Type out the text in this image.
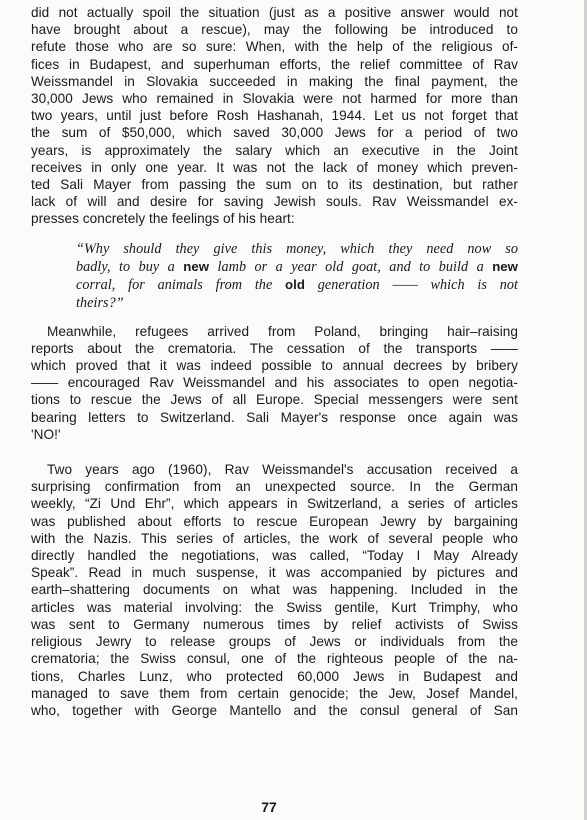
did not actually spoil the situation (just as a positive answer would not
have brought about a rescue), may the following be introduced to
refute those who are so sure: When, with the help of the religious of-
fices in Budapest, and superhuman efforts, the relief committee of Rav
Weissmandel in Slovakia succeeded in making the final payment, the
30,000 Jews who remained in Slovakia were not harmed for more than
two years, until just before Rosh Hashanah, 1944. Let us not forget that
the sum of $50,000, which saved 30,000 Jews for a period of two
years, is approximately the salary which an executive in the Joint
receives in only one year. It was not the lack of money which preven-
ted Sali Mayer from passing the sum on to its destination, but rather
lack of will and desire for saving Jewish souls. Rav Weissmandel ex-
presses concretely the feelings of his heart:
“Why should they give this money, which they need now so
badly, to buy a new lamb or a year old goat, and to build a new
corral, for animals from the old generation —— which is not
theirs?”
Meanwhile, refugees arrived from Poland, bringing hair–raising
reports about the crematoria. The cessation of the transports ——
which proved that it was indeed possible to annual decrees by bribery
—— encouraged Rav Weissmandel and his associates to open negotia-
tions to rescue the Jews of all Europe. Special messengers were sent
bearing letters to Switzerland. Sali Mayer's response once again was
'NO!'
Two years ago (1960), Rav Weissmandel's accusation received a
surprising confirmation from an unexpected source. In the German
weekly, “Zi Und Ehr”, which appears in Switzerland, a series of articles
was published about efforts to rescue European Jewry by bargaining
with the Nazis. This series of articles, the work of several people who
directly handled the negotiations, was called, “Today I May Already
Speak”. Read in much suspense, it was accompanied by pictures and
earth–shattering documents on what was happening. Included in the
articles was material involving: the Swiss gentile, Kurt Trimphy, who
was sent to Germany numerous times by relief activists of Swiss
religious Jewry to release groups of Jews or individuals from the
crematoria; the Swiss consul, one of the righteous people of the na-
tions, Charles Lunz, who protected 60,000 Jews in Budapest and
managed to save them from certain genocide; the Jew, Josef Mandel,
who, together with George Mantello and the consul general of San
77
